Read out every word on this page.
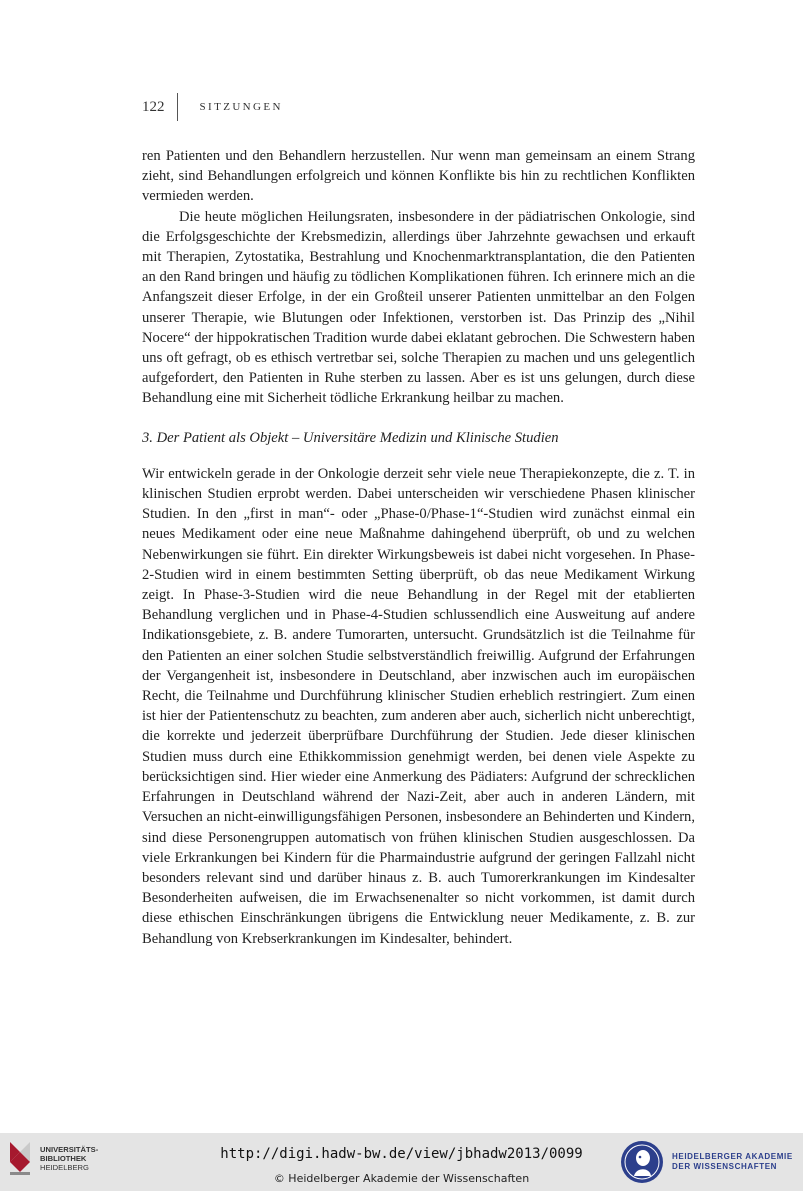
122	SITZUNGEN

ren Patienten und den Behandlern herzustellen. Nur wenn man gemeinsam an einem Strang zieht, sind Behandlungen erfolgreich und können Konflikte bis hin zu rechtlichen Konflikten vermieden werden.

Die heute möglichen Heilungsraten, insbesondere in der pädiatrischen Onkologie, sind die Erfolgsgeschichte der Krebsmedizin, allerdings über Jahrzehnte gewachsen und erkauft mit Therapien, Zytostatika, Bestrahlung und Knochenmarktransplantation, die den Patienten an den Rand bringen und häufig zu tödlichen Komplikationen führen. Ich erinnere mich an die Anfangszeit dieser Erfolge, in der ein Großteil unserer Patienten unmittelbar an den Folgen unserer Therapie, wie Blutungen oder Infektionen, verstorben ist. Das Prinzip des „Nihil Nocere“ der hippokratischen Tradition wurde dabei eklatant gebrochen. Die Schwestern haben uns oft gefragt, ob es ethisch vertretbar sei, solche Therapien zu machen und uns gelegentlich aufgefordert, den Patienten in Ruhe sterben zu lassen. Aber es ist uns gelungen, durch diese Behandlung eine mit Sicherheit tödliche Erkrankung heilbar zu machen.

3. Der Patient als Objekt – Universitäre Medizin und Klinische Studien

Wir entwickeln gerade in der Onkologie derzeit sehr viele neue Therapiekonzepte, die z. T. in klinischen Studien erprobt werden. Dabei unterscheiden wir verschiedene Phasen klinischer Studien. In den „first in man“- oder „Phase-0/Phase-1“-Studien wird zunächst einmal ein neues Medikament oder eine neue Maßnahme dahingehend überprüft, ob und zu welchen Nebenwirkungen sie führt. Ein direkter Wirkungsbeweis ist dabei nicht vorgesehen. In Phase-2-Studien wird in einem bestimmten Setting überprüft, ob das neue Medikament Wirkung zeigt. In Phase-3-Studien wird die neue Behandlung in der Regel mit der etablierten Behandlung verglichen und in Phase-4-Studien schlussendlich eine Ausweitung auf andere Indikationsgebiete, z. B. andere Tumorarten, untersucht. Grundsätzlich ist die Teilnahme für den Patienten an einer solchen Studie selbstverständlich freiwillig. Aufgrund der Erfahrungen der Vergangenheit ist, insbesondere in Deutschland, aber inzwischen auch im europäischen Recht, die Teilnahme und Durchführung klinischer Studien erheblich restringiert. Zum einen ist hier der Patientenschutz zu beachten, zum anderen aber auch, sicherlich nicht unberechtigt, die korrekte und jederzeit überprüfbare Durchführung der Studien. Jede dieser klinischen Studien muss durch eine Ethikkommission genehmigt werden, bei denen viele Aspekte zu berücksichtigen sind. Hier wieder eine Anmerkung des Pädiaters: Aufgrund der schrecklichen Erfahrungen in Deutschland während der Nazi-Zeit, aber auch in anderen Ländern, mit Versuchen an nicht-einwilligungsfähigen Personen, insbesondere an Behinderten und Kindern, sind diese Personengruppen automatisch von frühen klinischen Studien ausgeschlossen. Da viele Erkrankungen bei Kindern für die Pharmaindustrie aufgrund der geringen Fallzahl nicht besonders relevant sind und darüber hinaus z. B. auch Tumorerkrankungen im Kindesalter Besonderheiten aufweisen, die im Erwachsenenalter so nicht vorkommen, ist damit durch diese ethischen Einschränkungen übrigens die Entwicklung neuer Medikamente, z. B. zur Behandlung von Krebserkrankungen im Kindesalter, behindert.

UNIVERSITÄTS-
BIBLIOTHEK
HEIDELBERG
http://digi.hadw-bw.de/view/jbhadw2013/0099
© Heidelberger Akademie der Wissenschaften
HEIDELBERGER AKADEMIE
DER WISSENSCHAFTEN
